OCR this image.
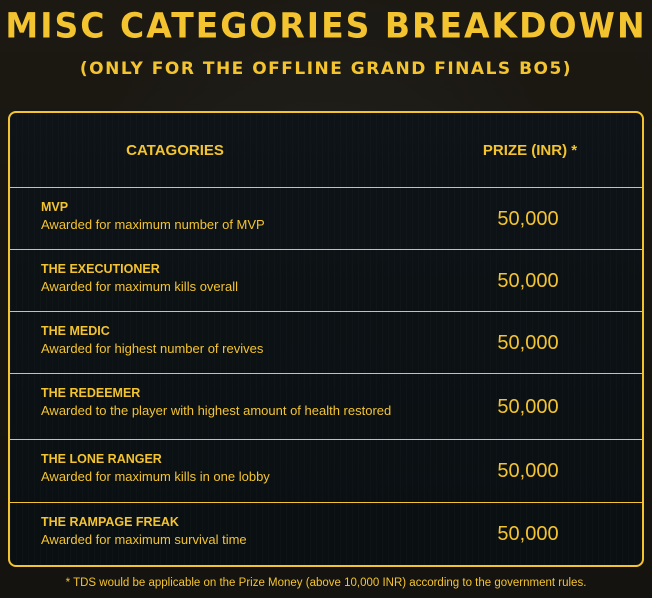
MISC CATEGORIES BREAKDOWN
(ONLY FOR THE OFFLINE GRAND FINALS BO5)
CATAGORIES	PRIZE (INR) *
MVP
Awarded for maximum number of MVP	50,000
THE EXECUTIONER
Awarded for maximum kills overall	50,000
THE MEDIC
Awarded for highest number of revives	50,000
THE REDEEMER
Awarded to the player with highest amount of health restored	50,000
THE LONE RANGER
Awarded for maximum kills in one lobby	50,000
THE RAMPAGE FREAK
Awarded for maximum survival time	50,000
* TDS would be applicable on the Prize Money (above 10,000 INR) according to the government rules.
